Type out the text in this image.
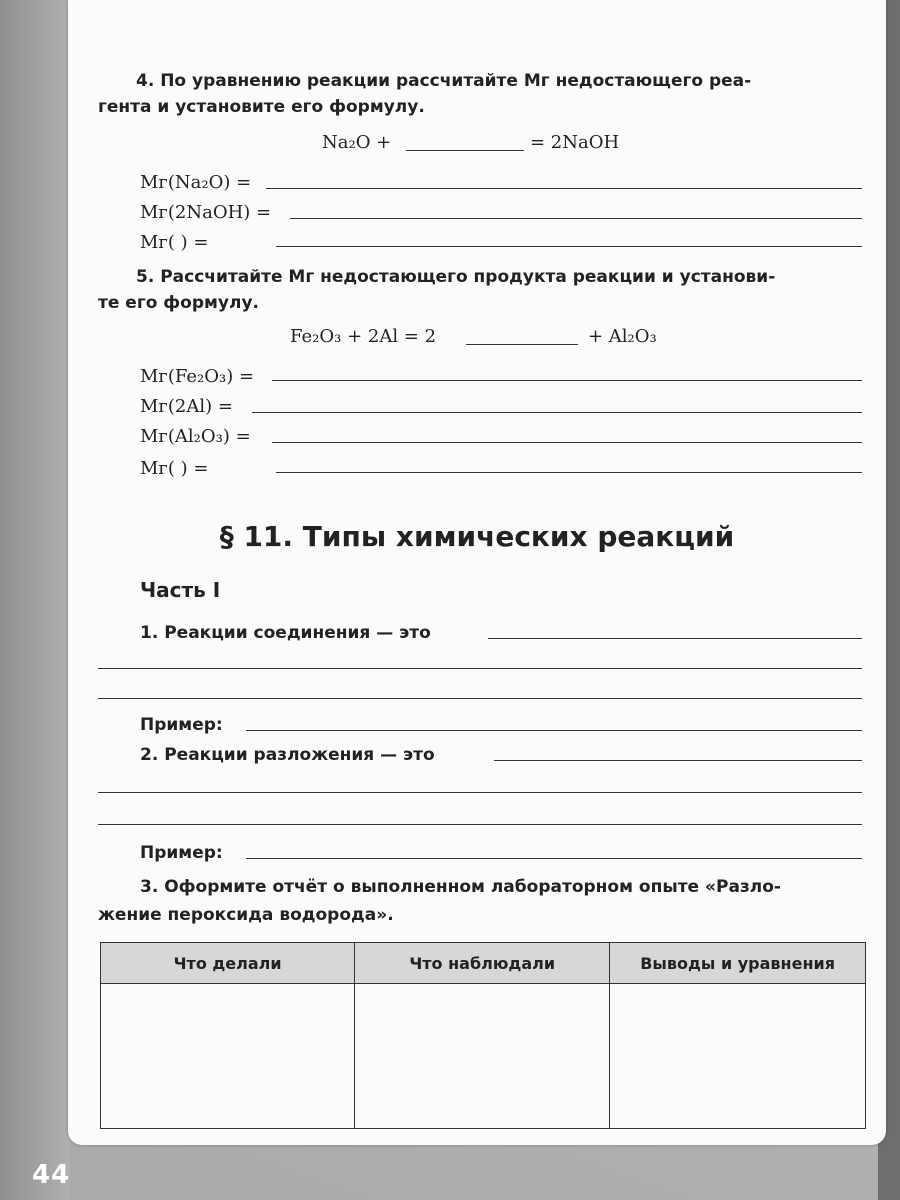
4. По уравнению реакции рассчитайте Mг недостающего реа-
гента и установите его формулу.
Na₂O +	= 2NaOH
Mг(Na₂O) =
Mг(2NaOH) =
Mг( ) =
5. Рассчитайте Mг недостающего продукта реакции и установи-
те его формулу.
Fe₂O₃ + 2Al = 2	+ Al₂O₃
Mг(Fe₂O₃) =
Mг(2Al) =
Mг(Al₂O₃) =
Mг( ) =
§ 11. Типы химических реакций
Часть I
1. Реакции соединения — это
Пример:
2. Реакции разложения — это
Пример:
3. Оформите отчёт о выполненном лабораторном опыте «Разло-
жение пероксида водорода».
Что делали	Что наблюдали	Выводы и уравнения

44
